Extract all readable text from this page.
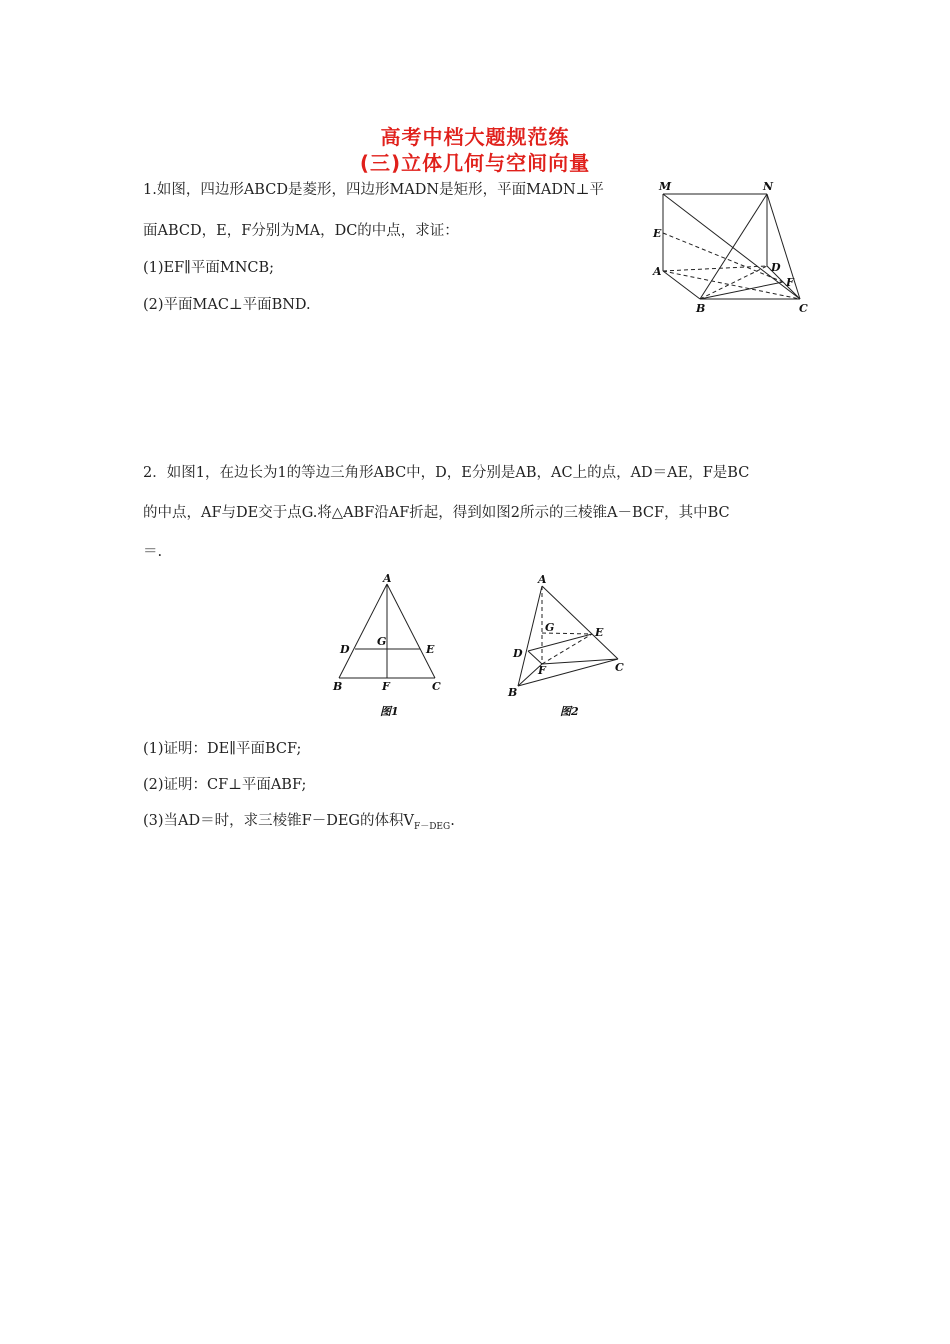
高考中档大题规范练
(三)立体几何与空间向量
1.如图，四边形ABCD是菱形，四边形MADN是矩形，平面MADN⊥平
面ABCD，E，F分别为MA，DC的中点，求证：
(1)EF∥平面MNCB;
(2)平面MAC⊥平面BND.
M	N
E
A	D
F
B	C
2．如图1，在边长为1的等边三角形ABC中，D，E分别是AB，AC上的点，AD＝AE，F是BC
的中点，AF与DE交于点G.将△ABF沿AF折起，得到如图2所示的三棱锥A－BCF，其中BC
＝.
A
D
G
E
B	F	C
图1
A
G	E
D
F	C
B
图2
(1)证明：DE∥平面BCF;
(2)证明：CF⊥平面ABF;
(3)当AD＝时，求三棱锥F－DEG的体积$V_{F-DEG}$.
